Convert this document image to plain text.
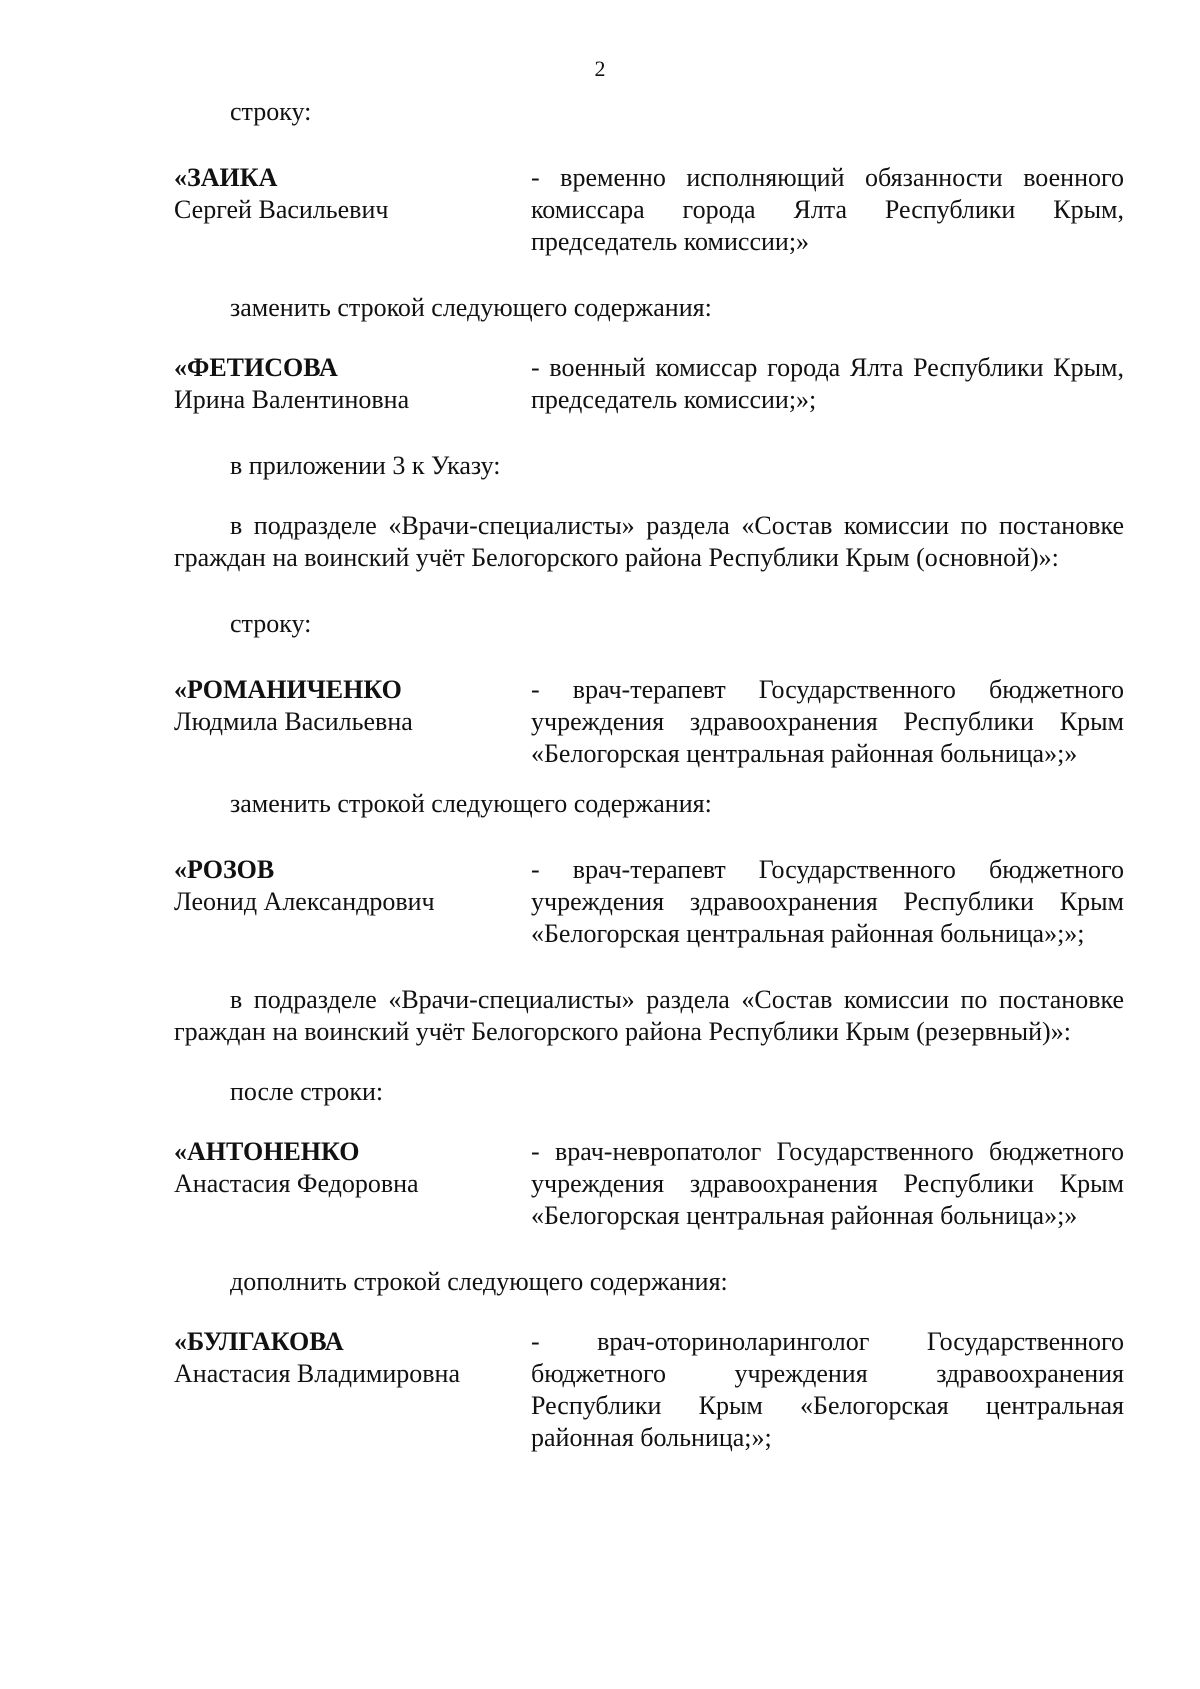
2

строку:

«ЗАИКА
Сергей Васильевич
- временно исполняющий обязанности военного комиссара города Ялта Республики Крым, председатель комиссии;»

заменить строкой следующего содержания:

«ФЕТИСОВА
Ирина Валентиновна
- военный комиссар города Ялта Республики Крым, председатель комиссии;»;

в приложении 3 к Указу:

в подразделе «Врачи-специалисты» раздела «Состав комиссии по постановке граждан на воинский учёт Белогорского района Республики Крым (основной)»:

строку:

«РОМАНИЧЕНКО
Людмила Васильевна
- врач-терапевт Государственного бюджетного учреждения здравоохранения Республики Крым «Белогорская центральная районная больница»;»

заменить строкой следующего содержания:

«РОЗОВ
Леонид Александрович
- врач-терапевт Государственного бюджетного учреждения здравоохранения Республики Крым «Белогорская центральная районная больница»;»;

в подразделе «Врачи-специалисты» раздела «Состав комиссии по постановке граждан на воинский учёт Белогорского района Республики Крым (резервный)»:

после строки:

«АНТОНЕНКО
Анастасия Федоровна
- врач-невропатолог Государственного бюджетного учреждения здравоохранения Республики Крым «Белогорская центральная районная больница»;»

дополнить строкой следующего содержания:

«БУЛГАКОВА
Анастасия Владимировна
- врач-оториноларинголог Государственного бюджетного учреждения здравоохранения Республики Крым «Белогорская центральная районная больница;»;
